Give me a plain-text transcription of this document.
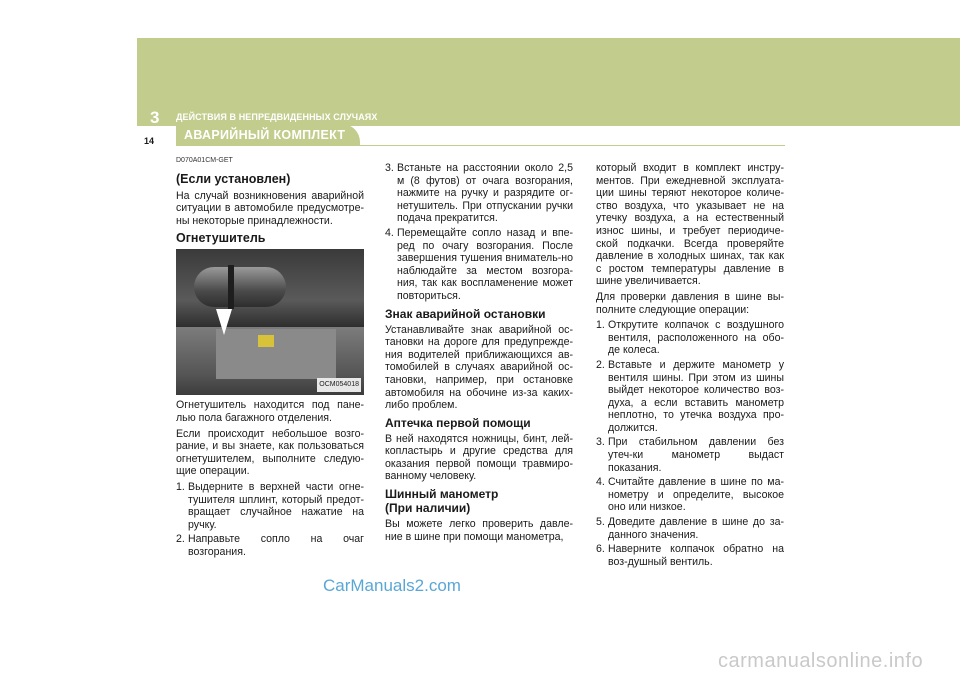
3 ДЕЙСТВИЯ В НЕПРЕДВИДЕННЫХ СЛУЧАЯХ
14 АВАРИЙНЫЙ КОМПЛЕКТ

D070A01CM-GET

(Если установлен)

На случай возникновения аварийной ситуации в автомобиле предусмотре-ны некоторые принадлежности.

Огнетушитель
OCM054018

Огнетушитель находится под пане-лью пола багажного отделения.

Если происходит небольшое возго-рание, и вы знаете, как пользоваться огнетушителем, выполните следую-щие операции.

1. Выдерните в верхней части огне-тушителя шплинт, который предот-вращает случайное нажатие на ручку.
2. Направьте сопло на очаг возгорания.
3. Встаньте на расстоянии около 2,5 м (8 футов) от очага возгорания, нажмите на ручку и разрядите ог-нетушитель. При отпускании ручки подача прекратится.
4. Перемещайте сопло назад и впе-ред по очагу возгорания. После завершения тушения вниматель-но наблюдайте за местом возгора-ния, так как воспламенение может повториться.
Знак аварийной остановки

Устанавливайте знак аварийной ос-тановки на дороге для предупрежде-ния водителей приближающихся ав-томобилей в случаях аварийной ос-тановки, например, при остановке автомобиля на обочине из-за каких-либо проблем.

Аптечка первой помощи

В ней находятся ножницы, бинт, лей-копластырь и другие средства для оказания первой помощи травмиро-ванному человеку.

Шинный манометр
(При наличии)

Вы можете легко проверить давле-ние в шине при помощи манометра,

который входит в комплект инстру-ментов. При ежедневной эксплуата-ции шины теряют некоторое количе-ство воздуха, что указывает не на утечку воздуха, а на естественный износ шины, и требует периодиче-ской подкачки. Всегда проверяйте давление в холодных шинах, так как с ростом температуры давление в шине увеличивается.

Для проверки давления в шине вы-полните следующие операции:

1. Открутите колпачок с воздушного вентиля, расположенного на обо-де колеса.
2. Вставьте и держите манометр у вентиля шины. При этом из шины выйдет некоторое количество воз-духа, а если вставить манометр неплотно, то утечка воздуха про-должится.
3. При стабильном давлении без утеч-ки манометр выдаст показания.
4. Считайте давление в шине по ма-нометру и определите, высокое оно или низкое.
5. Доведите давление в шине до за-данного значения.
6. Наверните колпачок обратно на воз-душный вентиль.
CarManuals2.com
carmanualsonline.info
